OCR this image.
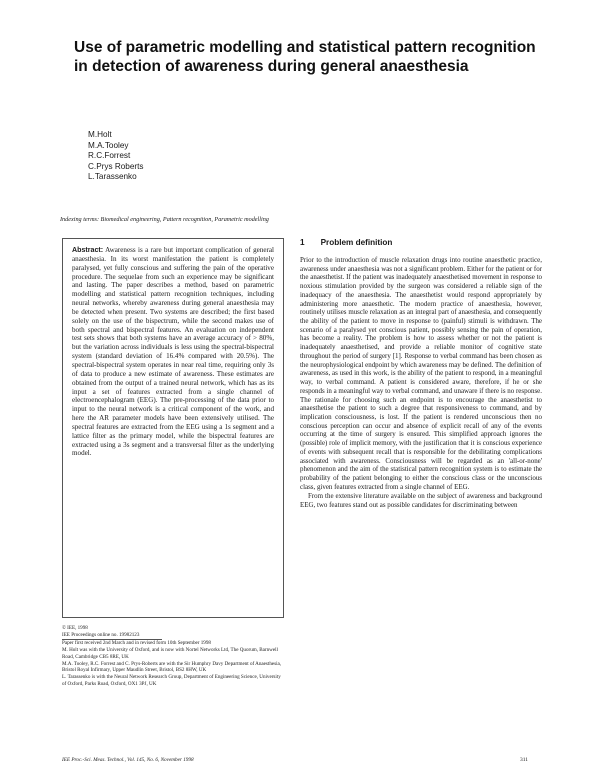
Use of parametric modelling and statistical pattern recognition in detection of awareness during general anaesthesia
M.Holt
M.A.Tooley
R.C.Forrest
C.Prys Roberts
L.Tarassenko
Indexing terms: Biomedical engineering, Pattern recognition, Parametric modelling

Abstract: Awareness is a rare but important complication of general anaesthesia. In its worst manifestation the patient is completely paralysed, yet fully conscious and suffering the pain of the operative procedure. The sequelae from such an experience may be significant and lasting. The paper describes a method, based on parametric modelling and statistical pattern recognition techniques, including neural networks, whereby awareness during general anaesthesia may be detected when present. Two systems are described; the first based solely on the use of the bispectrum, while the second makes use of both spectral and bispectral features. An evaluation on independent test sets shows that both systems have an average accuracy of > 80%, but the variation across individuals is less using the spectral-bispectral system (standard deviation of 16.4% compared with 20.5%). The spectral-bispectral system operates in near real time, requiring only 3s of data to produce a new estimate of awareness. These estimates are obtained from the output of a trained neural network, which has as its input a set of features extracted from a single channel of electroencephalogram (EEG). The pre-processing of the data prior to input to the neural network is a critical component of the work, and here the AR parameter models have been extensively utilised. The spectral features are extracted from the EEG using a 1s segment and a lattice filter as the primary model, while the bispectral features are extracted using a 3s segment and a transversal filter as the underlying model.

© IEE, 1998
IEE Proceedings online no. 19982123
Paper first received 2nd March and in revised form 10th September 1998
M. Holt was with the University of Oxford, and is now with Nortel Networks Ltd, The Quorum, Barnwell Road, Cambridge CB5 8RE, UK
M.A. Tooley, R.C. Forrest and C. Prys-Roberts are with the Sir Humphry Davy Department of Anaesthesia, Bristol Royal Infirmary, Upper Maudlin Street, Bristol, BS2 8HW, UK
L. Tarassenko is with the Neural Network Research Group, Department of Engineering Science, University of Oxford, Parks Road, Oxford, OX1 3PJ, UK
1 Problem definition

Prior to the introduction of muscle relaxation drugs into routine anaesthetic practice, awareness under anaesthesia was not a significant problem. Either for the patient or for the anaesthetist. If the patient was inadequately anaesthetised movement in response to noxious stimulation provided by the surgeon was considered a reliable sign of the inadequacy of the anaesthesia. The anaesthetist would respond appropriately by administering more anaesthetic. The modern practice of anaesthesia, however, routinely utilises muscle relaxation as an integral part of anaesthesia, and consequently the ability of the patient to move in response to (painful) stimuli is withdrawn. The scenario of a paralysed yet conscious patient, possibly sensing the pain of operation, has become a reality. The problem is how to assess whether or not the patient is inadequately anaesthetised, and provide a reliable monitor of cognitive state throughout the period of surgery [1]. Response to verbal command has been chosen as the neurophysiological endpoint by which awareness may be defined. The definition of awareness, as used in this work, is the ability of the patient to respond, in a meaningful way, to verbal command. A patient is considered aware, therefore, if he or she responds in a meaningful way to verbal command, and unaware if there is no response. The rationale for choosing such an endpoint is to encourage the anaesthetist to anaesthetise the patient to such a degree that responsiveness to command, and by implication consciousness, is lost. If the patient is rendered unconscious then no conscious perception can occur and absence of explicit recall of any of the events occurring at the time of surgery is ensured. This simplified approach ignores the (possible) role of implicit memory, with the justification that it is conscious experience of events with subsequent recall that is responsible for the debilitating complications associated with awareness. Consciousness will be regarded as an 'all-or-none' phenomenon and the aim of the statistical pattern recognition system is to estimate the probability of the patient belonging to either the conscious class or the unconscious class, given features extracted from a single channel of EEG.

From the extensive literature available on the subject of awareness and background EEG, two features stand out as possible candidates for discriminating between

IEE Proc.-Sci. Meas. Technol., Vol. 145, No. 6, November 1998	311
